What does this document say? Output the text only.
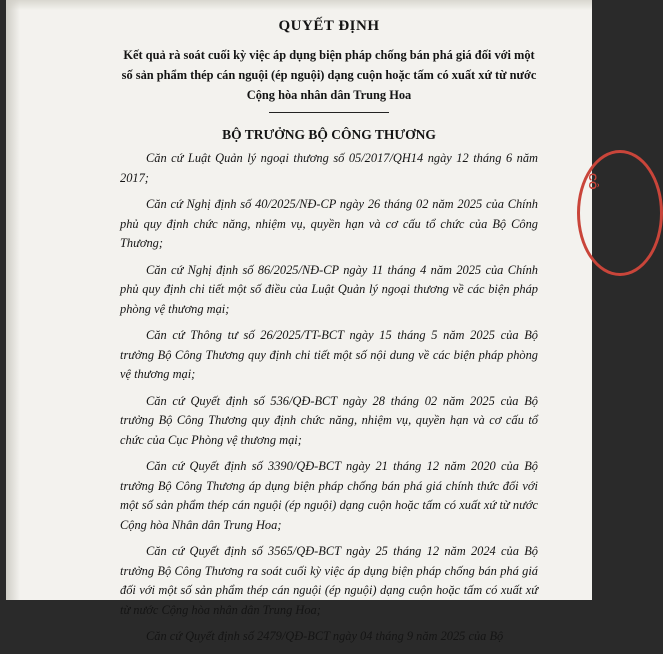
QUYẾT ĐỊNH

Kết quả rà soát cuối kỳ việc áp dụng biện pháp chống bán phá giá đối với một số sản phẩm thép cán nguội (ép nguội) dạng cuộn hoặc tấm có xuất xứ từ nước Cộng hòa nhân dân Trung Hoa

BỘ TRƯỞNG BỘ CÔNG THƯƠNG

Căn cứ Luật Quản lý ngoại thương số 05/2017/QH14 ngày 12 tháng 6 năm 2017;

Căn cứ Nghị định số 40/2025/NĐ-CP ngày 26 tháng 02 năm 2025 của Chính phủ quy định chức năng, nhiệm vụ, quyền hạn và cơ cấu tổ chức của Bộ Công Thương;

Căn cứ Nghị định số 86/2025/NĐ-CP ngày 11 tháng 4 năm 2025 của Chính phủ quy định chi tiết một số điều của Luật Quản lý ngoại thương về các biện pháp phòng vệ thương mại;

Căn cứ Thông tư số 26/2025/TT-BCT ngày 15 tháng 5 năm 2025 của Bộ trưởng Bộ Công Thương quy định chi tiết một số nội dung về các biện pháp phòng vệ thương mại;

Căn cứ Quyết định số 536/QĐ-BCT ngày 28 tháng 02 năm 2025 của Bộ trưởng Bộ Công Thương quy định chức năng, nhiệm vụ, quyền hạn và cơ cấu tổ chức của Cục Phòng vệ thương mại;

Căn cứ Quyết định số 3390/QĐ-BCT ngày 21 tháng 12 năm 2020 của Bộ trưởng Bộ Công Thương áp dụng biện pháp chống bán phá giá chính thức đối với một số sản phẩm thép cán nguội (ép nguội) dạng cuộn hoặc tấm có xuất xứ từ nước Cộng hòa Nhân dân Trung Hoa;

Căn cứ Quyết định số 3565/QĐ-BCT ngày 25 tháng 12 năm 2024 của Bộ trưởng Bộ Công Thương ra soát cuối kỳ việc áp dụng biện pháp chống bán phá giá đối với một số sản phẩm thép cán nguội (ép nguội) dạng cuộn hoặc tấm có xuất xứ từ nước Cộng hòa nhân dân Trung Hoa;

Căn cứ Quyết định số 2479/QĐ-BCT ngày 04 tháng 9 năm 2025 của Bộ

CÔ
